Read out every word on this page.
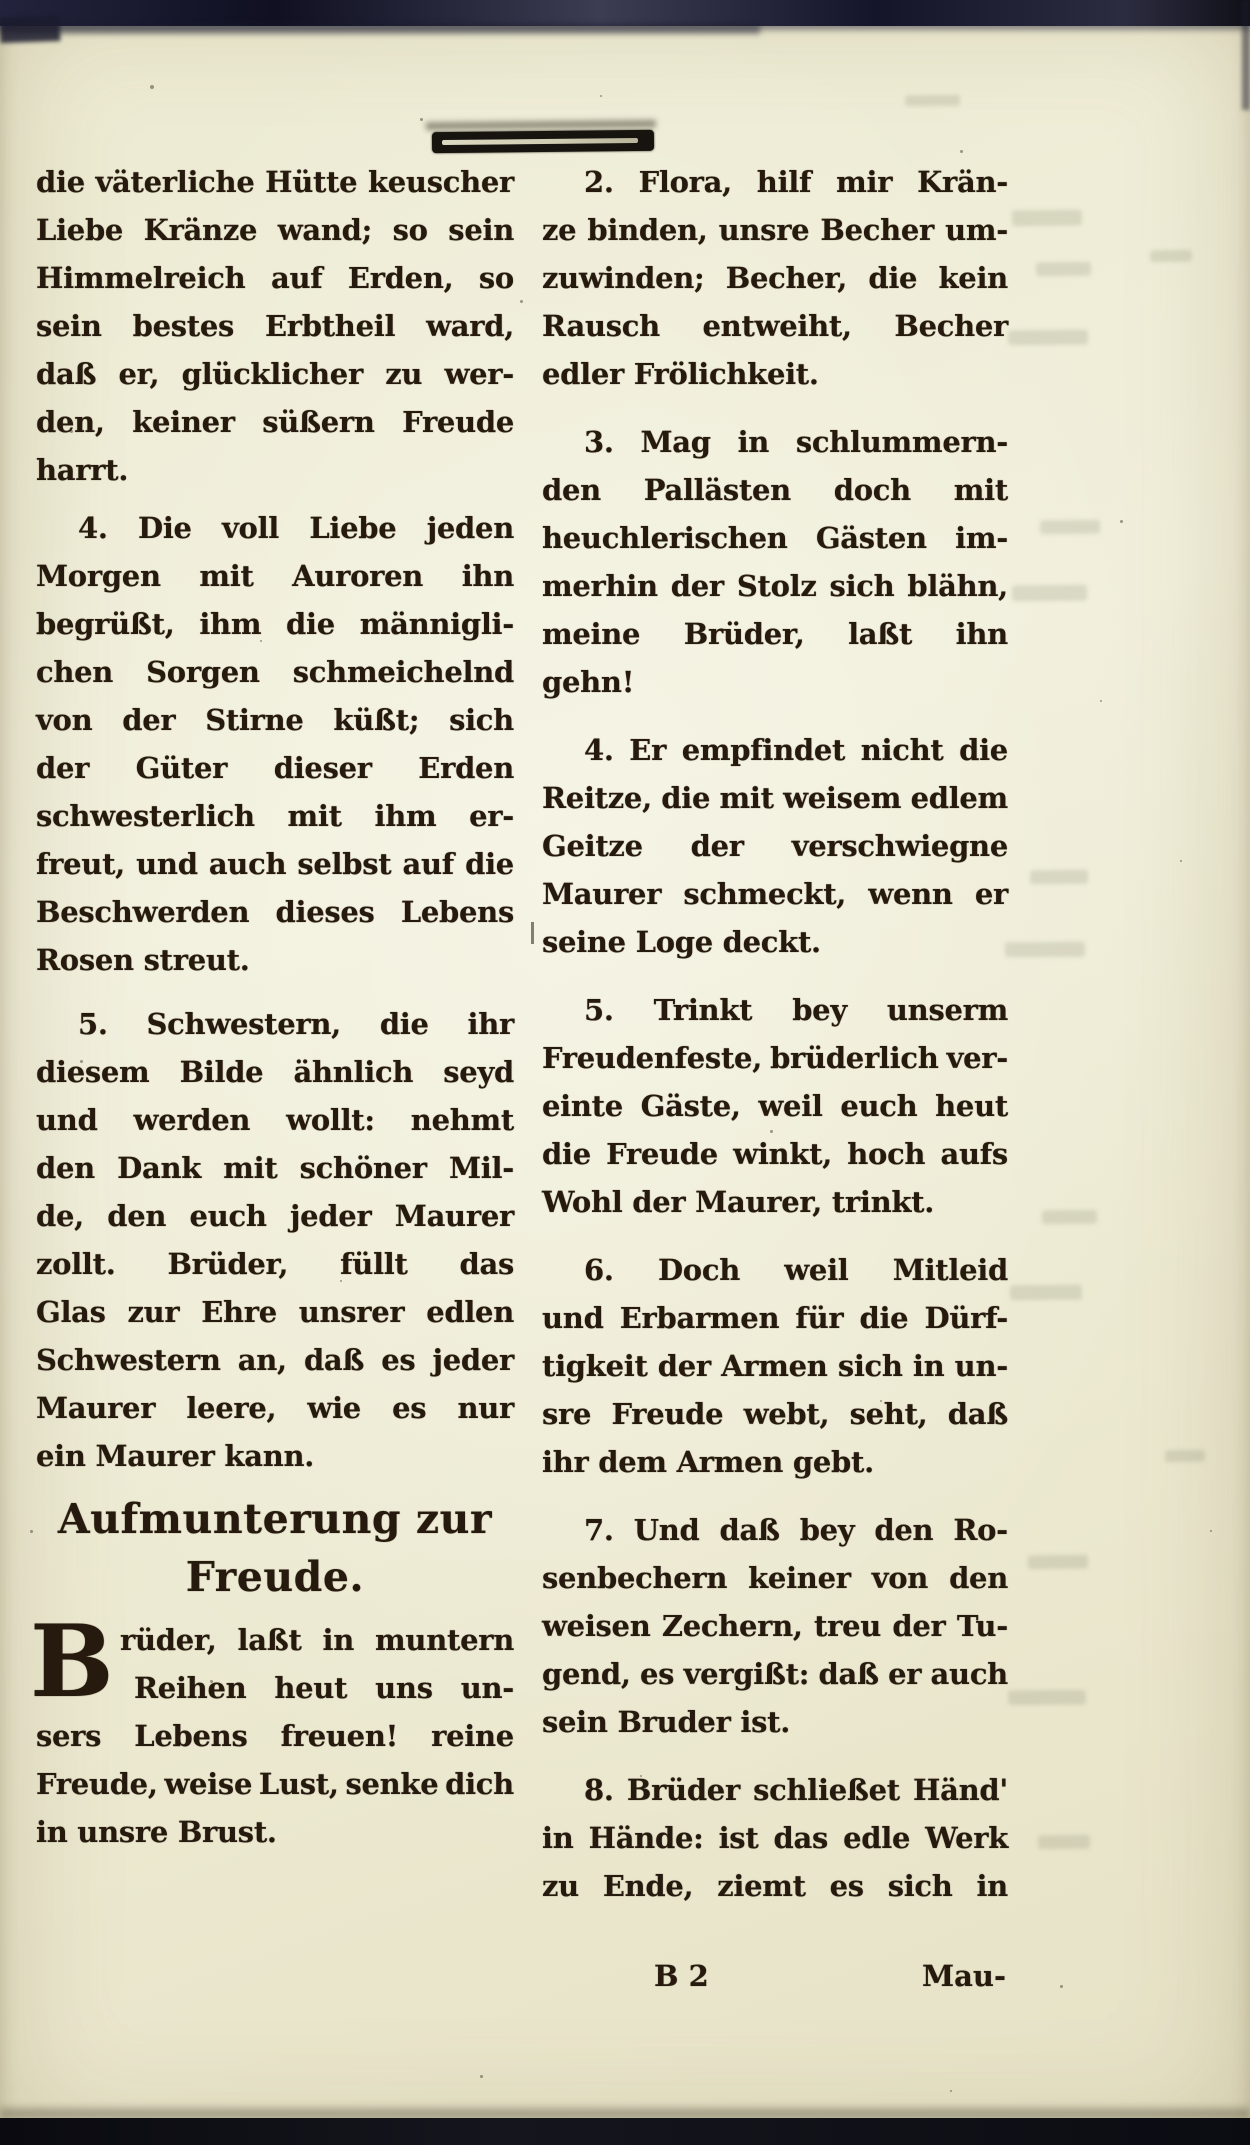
die väterliche Hütte keuscher
Liebe Kränze wand; so sein
Himmelreich auf Erden, so
sein bestes Erbtheil ward,
daß er, glücklicher zu wer-
den, keiner süßern Freude
harrt.
4. Die voll Liebe jeden
Morgen mit Auroren ihn
begrüßt, ihm die männigli-
chen Sorgen schmeichelnd
von der Stirne küßt; sich
der Güter dieser Erden
schwesterlich mit ihm er-
freut, und auch selbst auf die
Beschwerden dieses Lebens
Rosen streut.
5. Schwestern, die ihr
diesem Bilde ähnlich seyd
und werden wollt: nehmt
den Dank mit schöner Mil-
de, den euch jeder Maurer
zollt. Brüder, füllt das
Glas zur Ehre unsrer edlen
Schwestern an, daß es jeder
Maurer leere, wie es nur
ein Maurer kann.
Aufmunterung zur
Freude.
B rüder, laßt in muntern
Reihen heut uns un-
sers Lebens freuen! reine
Freude, weise Lust, senke dich
in unsre Brust.
2. Flora, hilf mir Krän-
ze binden, unsre Becher um-
zuwinden; Becher, die kein
Rausch entweiht, Becher
edler Frölichkeit.
3. Mag in schlummern-
den Pallästen doch mit
heuchlerischen Gästen im-
merhin der Stolz sich blähn,
meine Brüder, laßt ihn
gehn!
4. Er empfindet nicht die
Reitze, die mit weisem edlem
Geitze der verschwiegne
Maurer schmeckt, wenn er
seine Loge deckt.
5. Trinkt bey unserm
Freudenfeste, brüderlich ver-
einte Gäste, weil euch heut
die Freude winkt, hoch aufs
Wohl der Maurer, trinkt.
6. Doch weil Mitleid
und Erbarmen für die Dürf-
tigkeit der Armen sich in un-
sre Freude webt, seht, daß
ihr dem Armen gebt.
7. Und daß bey den Ro-
senbechern keiner von den
weisen Zechern, treu der Tu-
gend, es vergißt: daß er auch
sein Bruder ist.
8. Brüder schließet Händ'
in Hände: ist das edle Werk
zu Ende, ziemt es sich in
B 2	Mau-
